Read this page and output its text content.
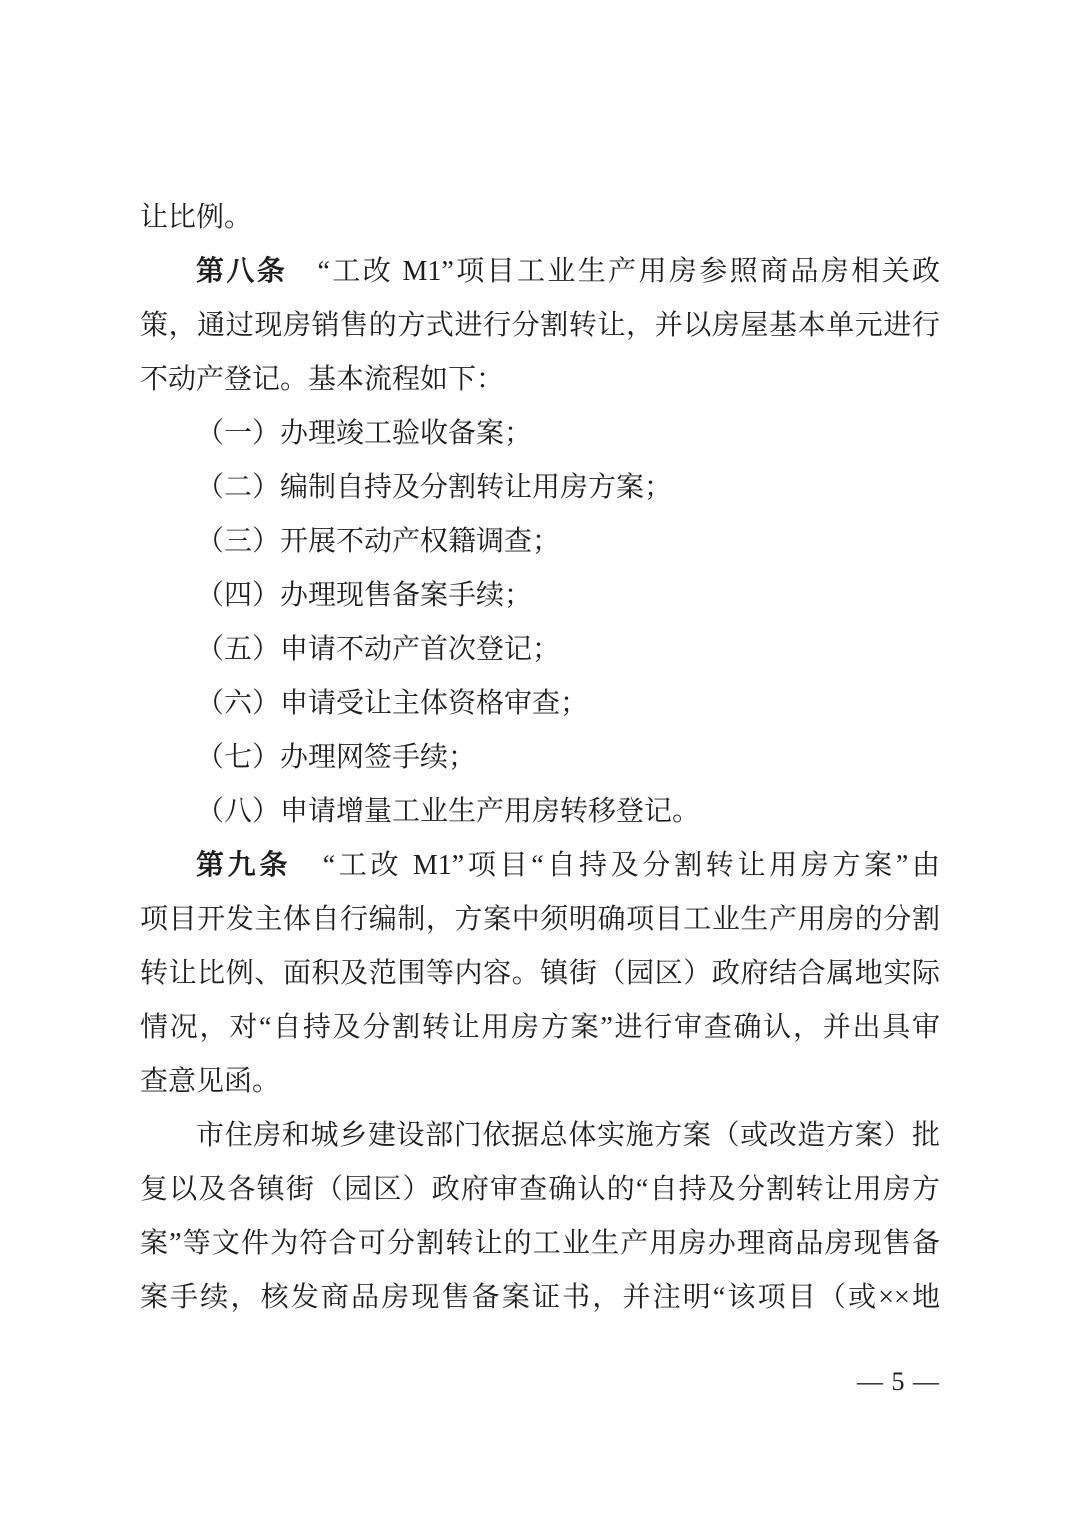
让比例。
第八条　“工改 M1”项目工业生产用房参照商品房相关政
策，通过现房销售的方式进行分割转让，并以房屋基本单元进行
不动产登记。基本流程如下：
（一）办理竣工验收备案；
（二）编制自持及分割转让用房方案；
（三）开展不动产权籍调查；
（四）办理现售备案手续；
（五）申请不动产首次登记；
（六）申请受让主体资格审查；
（七）办理网签手续；
（八）申请增量工业生产用房转移登记。
第九条　“工改 M1”项目“自持及分割转让用房方案”由
项目开发主体自行编制，方案中须明确项目工业生产用房的分割
转让比例、面积及范围等内容。镇街（园区）政府结合属地实际
情况，对“自持及分割转让用房方案”进行审查确认，并出具审
查意见函。
市住房和城乡建设部门依据总体实施方案（或改造方案）批
复以及各镇街（园区）政府审查确认的“自持及分割转让用房方
案”等文件为符合可分割转让的工业生产用房办理商品房现售备
案手续，核发商品房现售备案证书，并注明“该项目（或××地
— 5 —
